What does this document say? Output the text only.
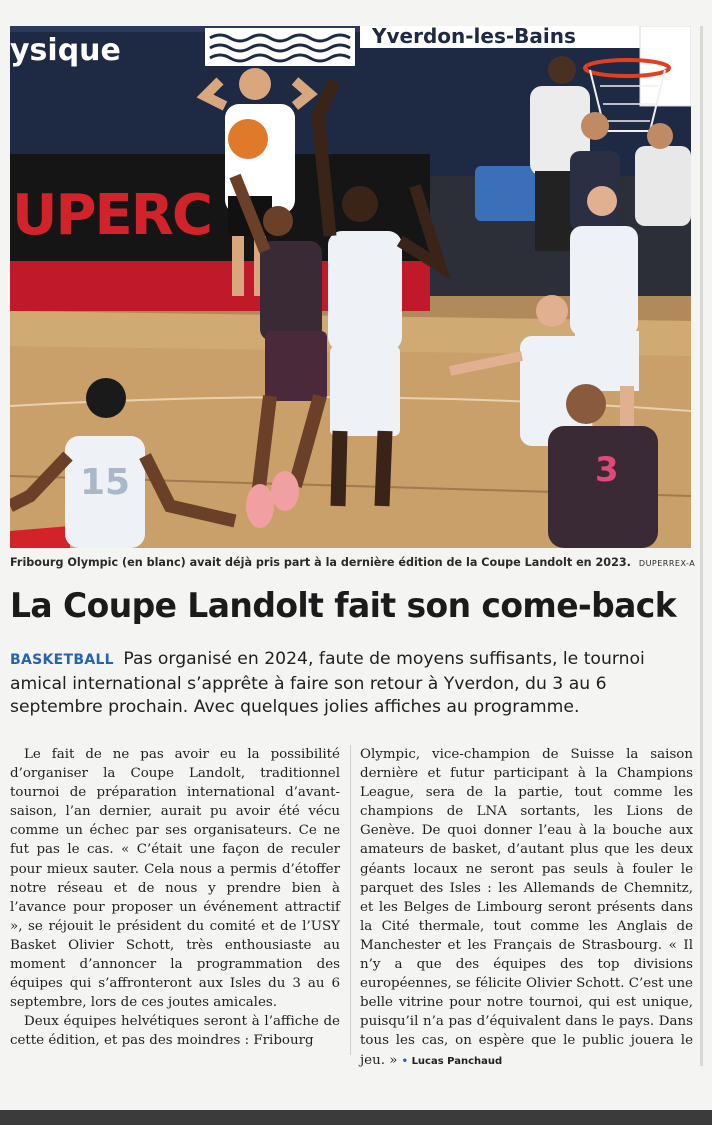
ysique	Yverdon-les-Bains
UPERC
3
15
Fribourg Olympic (en blanc) avait déjà pris part à la dernière édition de la Coupe Landolt en 2023. DUPERREX-A
La Coupe Landolt fait son come-back
BASKETBALL Pas organisé en 2024, faute de moyens suffisants, le tournoi amical international s’apprête à faire son retour à Yverdon, du 3 au 6 septembre prochain. Avec quelques jolies affiches au programme.

Le fait de ne pas avoir eu la possibilité d’organiser la Coupe Landolt, traditionnel tournoi de préparation international d’avant-saison, l’an dernier, aurait pu avoir été vécu comme un échec par ses organisateurs. Ce ne fut pas le cas. « C’était une façon de reculer pour mieux sauter. Cela nous a permis d’étoffer notre réseau et de nous y prendre bien à l’avance pour proposer un événement attractif », se réjouit le président du comité et de l’USY Basket Olivier Schott, très enthousiaste au moment d’annoncer la programmation des équipes qui s’affronteront aux Isles du 3 au 6 septembre, lors de ces joutes amicales.

Deux équipes helvétiques seront à l’affiche de cette édition, et pas des moindres : Fribourg

Olympic, vice-champion de Suisse la saison dernière et futur participant à la Champions League, sera de la partie, tout comme les champions de LNA sortants, les Lions de Genève. De quoi donner l’eau à la bouche aux amateurs de basket, d’autant plus que les deux géants locaux ne seront pas seuls à fouler le parquet des Isles : les Allemands de Chemnitz, et les Belges de Limbourg seront présents dans la Cité thermale, tout comme les Anglais de Manchester et les Français de Strasbourg. « Il n’y a que des équipes des top divisions européennes, se félicite Olivier Schott. C’est une belle vitrine pour notre tournoi, qui est unique, puisqu’il n’a pas d’équivalent dans le pays. Dans tous les cas, on espère que le public jouera le jeu. » • Lucas Panchaud
